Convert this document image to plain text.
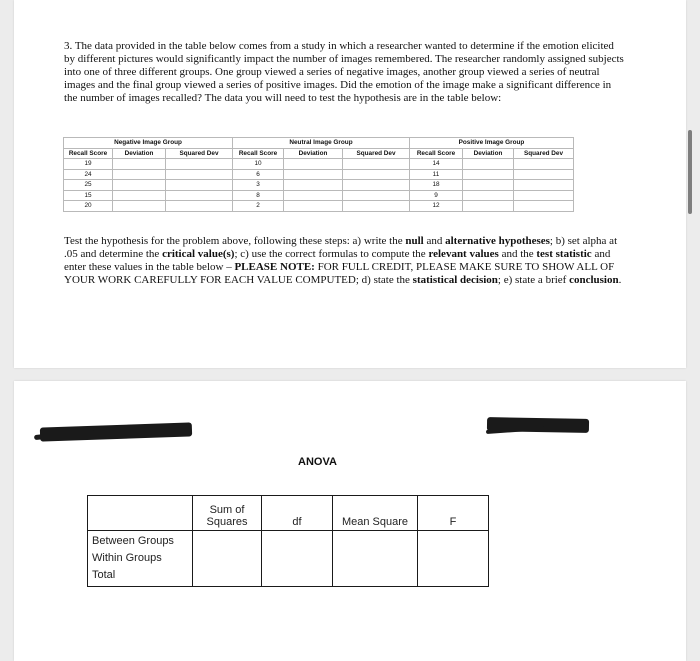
3. The data provided in the table below comes from a study in which a researcher wanted to determine if the emotion elicited by different pictures would significantly impact the number of images remembered. The researcher randomly assigned subjects into one of three different groups. One group viewed a series of negative images, another group viewed a series of neutral images and the final group viewed a series of positive images. Did the emotion of the image make a significant difference in the number of images recalled? The data you will need to test the hypothesis are in the table below:
Negative Image Group			Neutral Image Group			Positive Image Group		
Recall Score	Deviation	Squared Dev	Recall Score	Deviation	Squared Dev	Recall Score	Deviation	Squared Dev
19			10			14		
24			6			11		
25			3			18		
15			8			9		
20			2			12		
Test the hypothesis for the problem above, following these steps: a) write the null and alternative hypotheses; b) set alpha at .05 and determine the critical value(s); c) use the correct formulas to compute the relevant values and the test statistic and enter these values in the table below – PLEASE NOTE: FOR FULL CREDIT, PLEASE MAKE SURE TO SHOW ALL OF YOUR WORK CAREFULLY FOR EACH VALUE COMPUTED; d) state the statistical decision; e) state a brief conclusion.
ANOVA
	Sum of Squares	df	Mean Square	F

Between Groups
Within Groups
Total				
